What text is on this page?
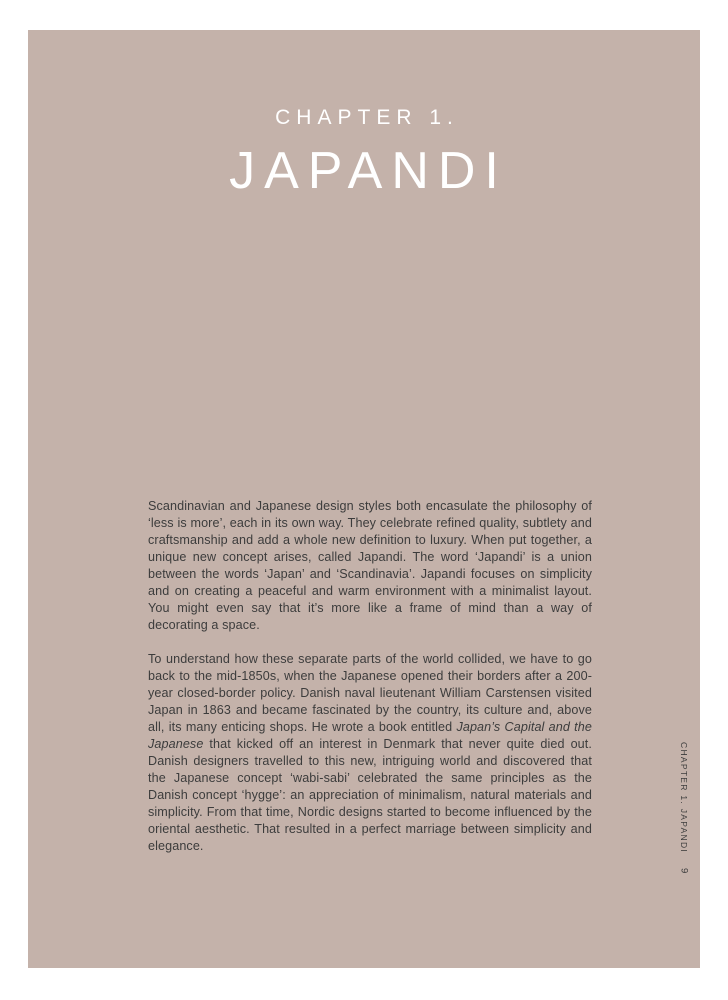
CHAPTER 1.
JAPANDI

Scandinavian and Japanese design styles both encasulate the philosophy of ‘less is more’, each in its own way. They celebrate refined quality, subtlety and craftsmanship and add a whole new definition to luxury. When put together, a unique new concept arises, called Japandi. The word ‘Japandi’ is a union between the words ‘Japan’ and ‘Scandinavia’. Japandi focuses on simplicity and on creating a peaceful and warm environment with a minimalist layout. You might even say that it’s more like a frame of mind than a way of decorating a space.

To understand how these separate parts of the world collided, we have to go back to the mid-1850s, when the Japanese opened their borders after a 200-year closed-border policy. Danish naval lieutenant William Carstensen visited Japan in 1863 and became fascinated by the country, its culture and, above all, its many enticing shops. He wrote a book entitled Japan’s Capital and the Japanese that kicked off an interest in Denmark that never quite died out. Danish designers travelled to this new, intriguing world and discovered that the Japanese concept ‘wabi-sabi’ celebrated the same principles as the Danish concept ‘hygge’: an appreciation of minimalism, natural materials and simplicity. From that time, Nordic designs started to become influenced by the oriental aesthetic. That resulted in a perfect marriage between simplicity and elegance.	CHAPTER 1. JAPANDI
9
